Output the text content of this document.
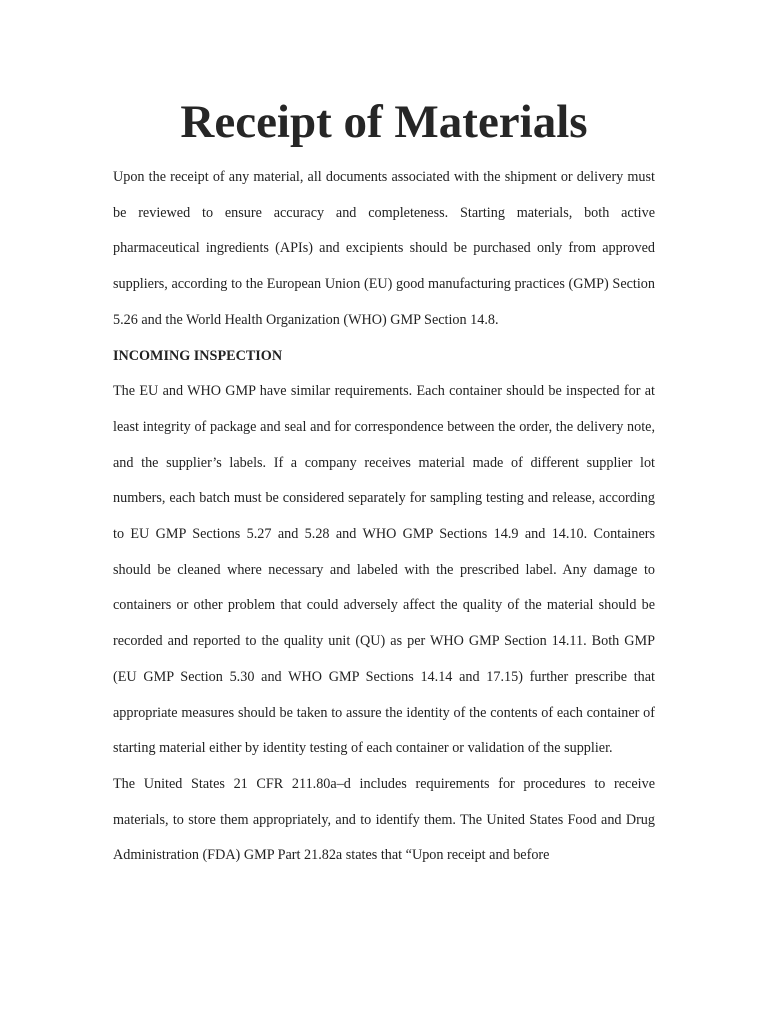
Receipt of Materials

Upon the receipt of any material, all documents associated with the shipment or delivery must be reviewed to ensure accuracy and completeness. Starting materials, both active pharmaceutical ingredients (APIs) and excipients should be purchased only from approved suppliers, according to the European Union (EU) good manufacturing practices (GMP) Section 5.26 and the World Health Organization (WHO) GMP Section 14.8.

INCOMING INSPECTION

The EU and WHO GMP have similar requirements. Each container should be inspected for at least integrity of package and seal and for correspondence between the order, the delivery note, and the supplier’s labels. If a company receives material made of different supplier lot numbers, each batch must be considered separately for sampling testing and release, according to EU GMP Sections 5.27 and 5.28 and WHO GMP Sections 14.9 and 14.10. Containers should be cleaned where necessary and labeled with the prescribed label. Any damage to containers or other problem that could adversely affect the quality of the material should be recorded and reported to the quality unit (QU) as per WHO GMP Section 14.11. Both GMP (EU GMP Section 5.30 and WHO GMP Sections 14.14 and 17.15) further prescribe that appropriate measures should be taken to assure the identity of the contents of each container of starting material either by identity testing of each container or validation of the supplier.

The United States 21 CFR 211.80a–d includes requirements for procedures to receive materials, to store them appropriately, and to identify them. The United States Food and Drug Administration (FDA) GMP Part 21.82a states that “Upon receipt and before
